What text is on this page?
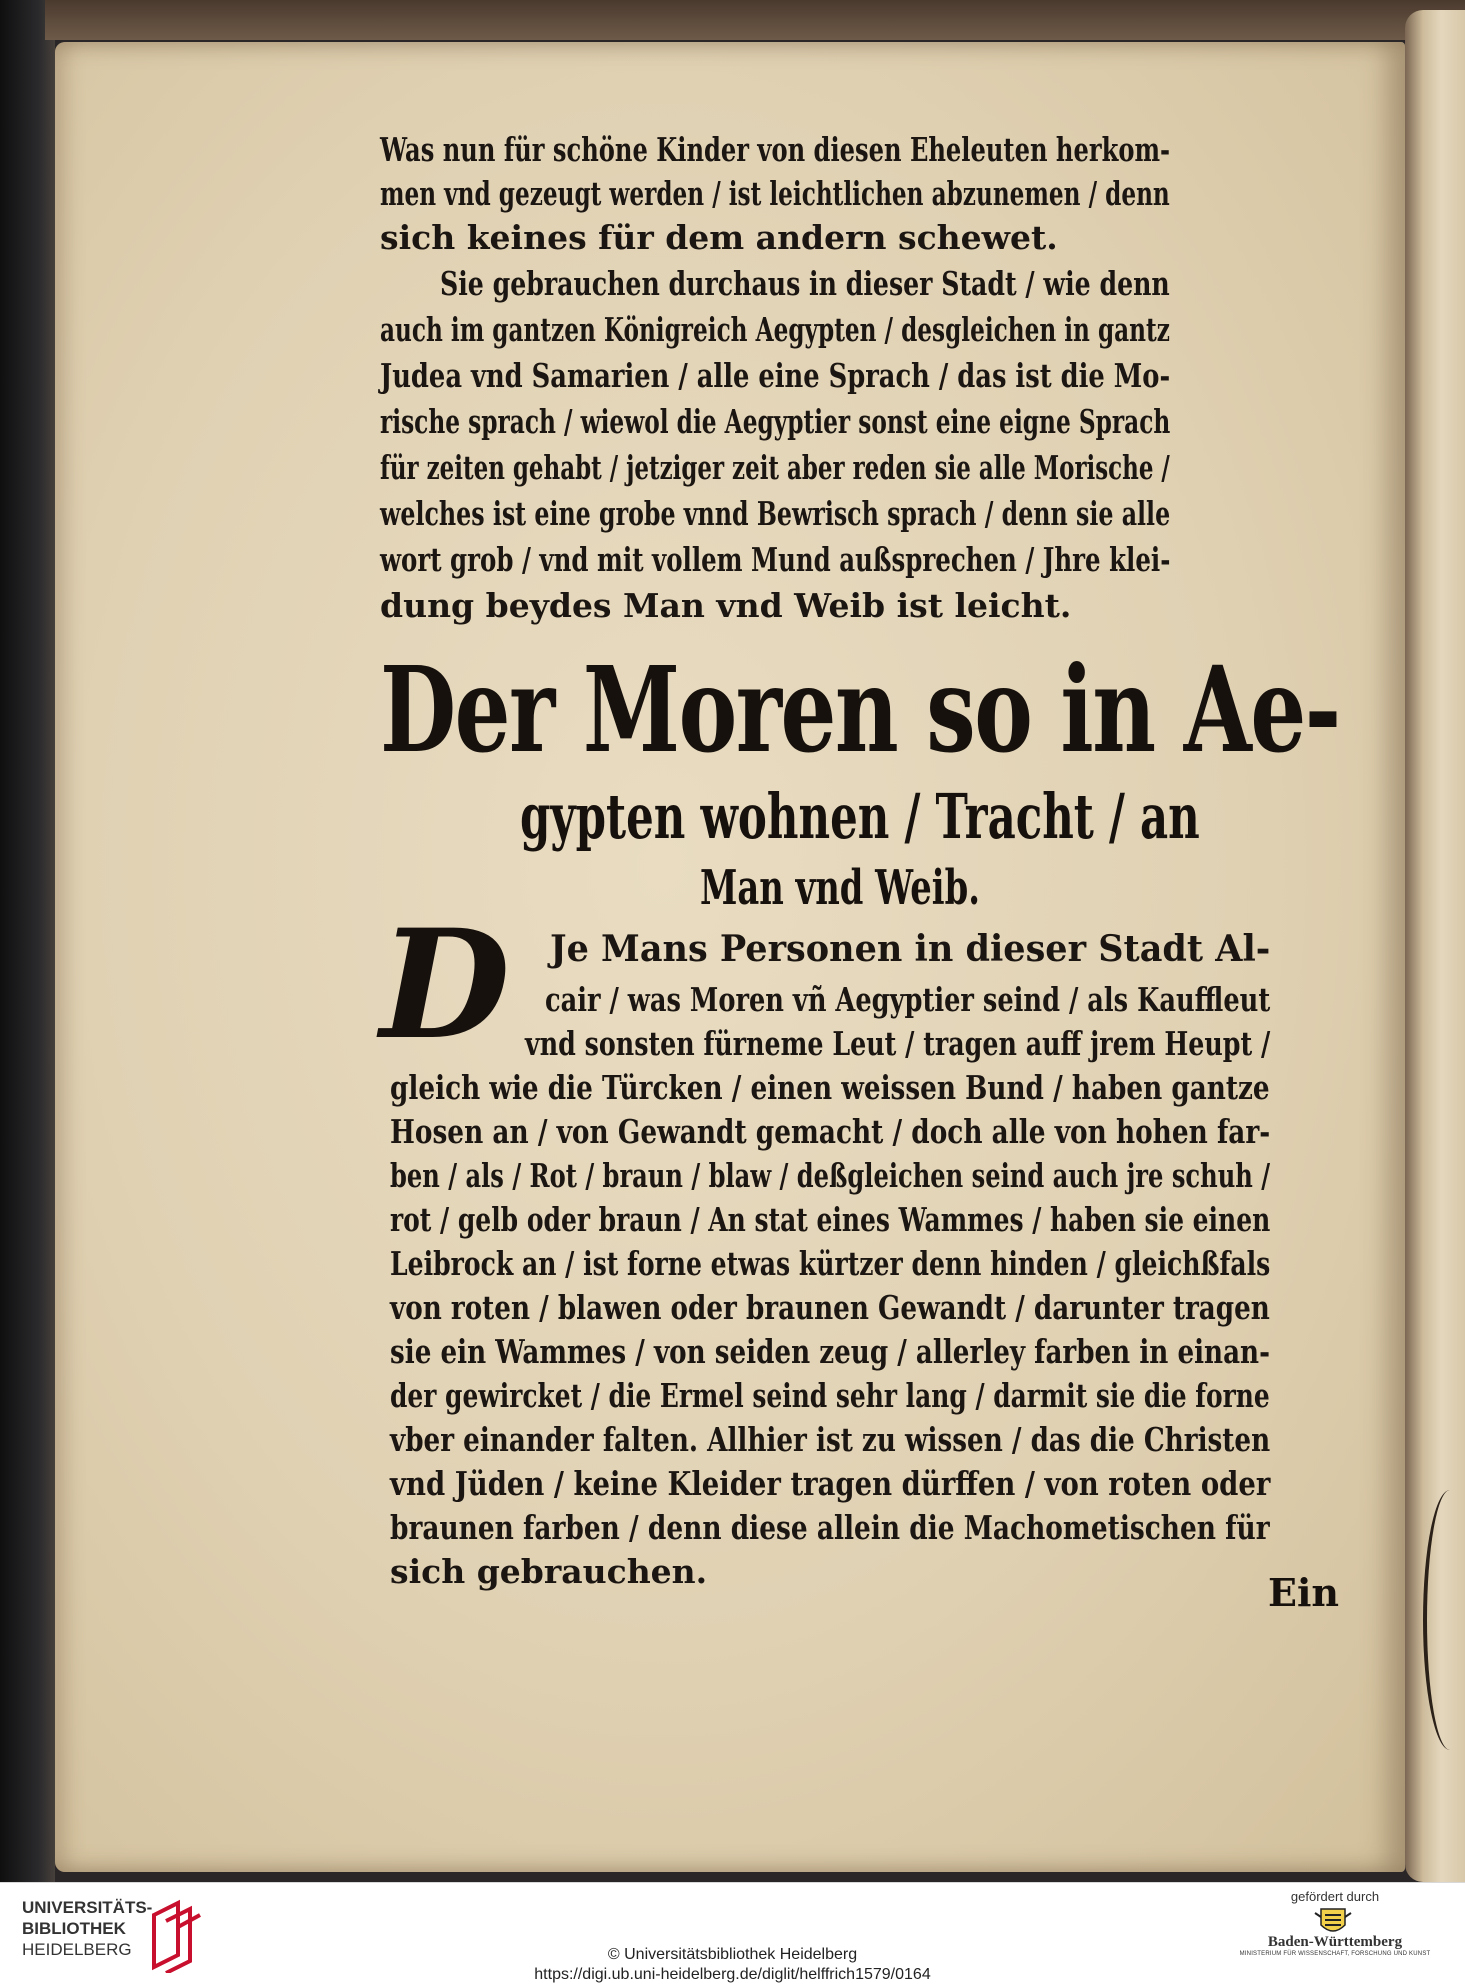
Was nun für schöne Kinder von diesen Eheleuten herkom-
men vnd gezeugt werden / ist leichtlichen abzunemen / denn
sich keines für dem andern schewet.
Sie gebrauchen durchaus in dieser Stadt / wie denn
auch im gantzen Königreich Aegypten / desgleichen in gantz
Judea vnd Samarien / alle eine Sprach / das ist die Mo-
rische sprach / wiewol die Aegyptier sonst eine eigne Sprach
für zeiten gehabt / jetziger zeit aber reden sie alle Morische /
welches ist eine grobe vnnd Bewrisch sprach / denn sie alle
wort grob / vnd mit vollem Mund außsprechen / Jhre klei-
dung beydes Man vnd Weib ist leicht.
Der Moren so in Ae-
gypten wohnen / Tracht / an
Man vnd Weib.
D	Je Mans Personen in dieser Stadt Al-
cair / was Moren vñ Aegyptier seind / als Kauffleut
vnd sonsten fürneme Leut / tragen auff jrem Heupt /
gleich wie die Türcken / einen weissen Bund / haben gantze
Hosen an / von Gewandt gemacht / doch alle von hohen far-
ben / als / Rot / braun / blaw / deßgleichen seind auch jre schuh /
rot / gelb oder braun / An stat eines Wammes / haben sie einen
Leibrock an / ist forne etwas kürtzer denn hinden / gleichßfals
von roten / blawen oder braunen Gewandt / darunter tragen
sie ein Wammes / von seiden zeug / allerley farben in einan-
der gewircket / die Ermel seind sehr lang / darmit sie die forne
vber einander falten. Allhier ist zu wissen / das die Christen
vnd Jüden / keine Kleider tragen dürffen / von roten oder
braunen farben / denn diese allein die Machometischen für
sich gebrauchen.	Ein
UNIVERSITÄTS-
BIBLIOTHEK
HEIDELBERG	© Universitätsbibliothek Heidelberg
https://digi.ub.uni-heidelberg.de/diglit/helffrich1579/0164
gefördert durch
Baden-Württemberg
MINISTERIUM FÜR WISSENSCHAFT, FORSCHUNG UND KUNST
